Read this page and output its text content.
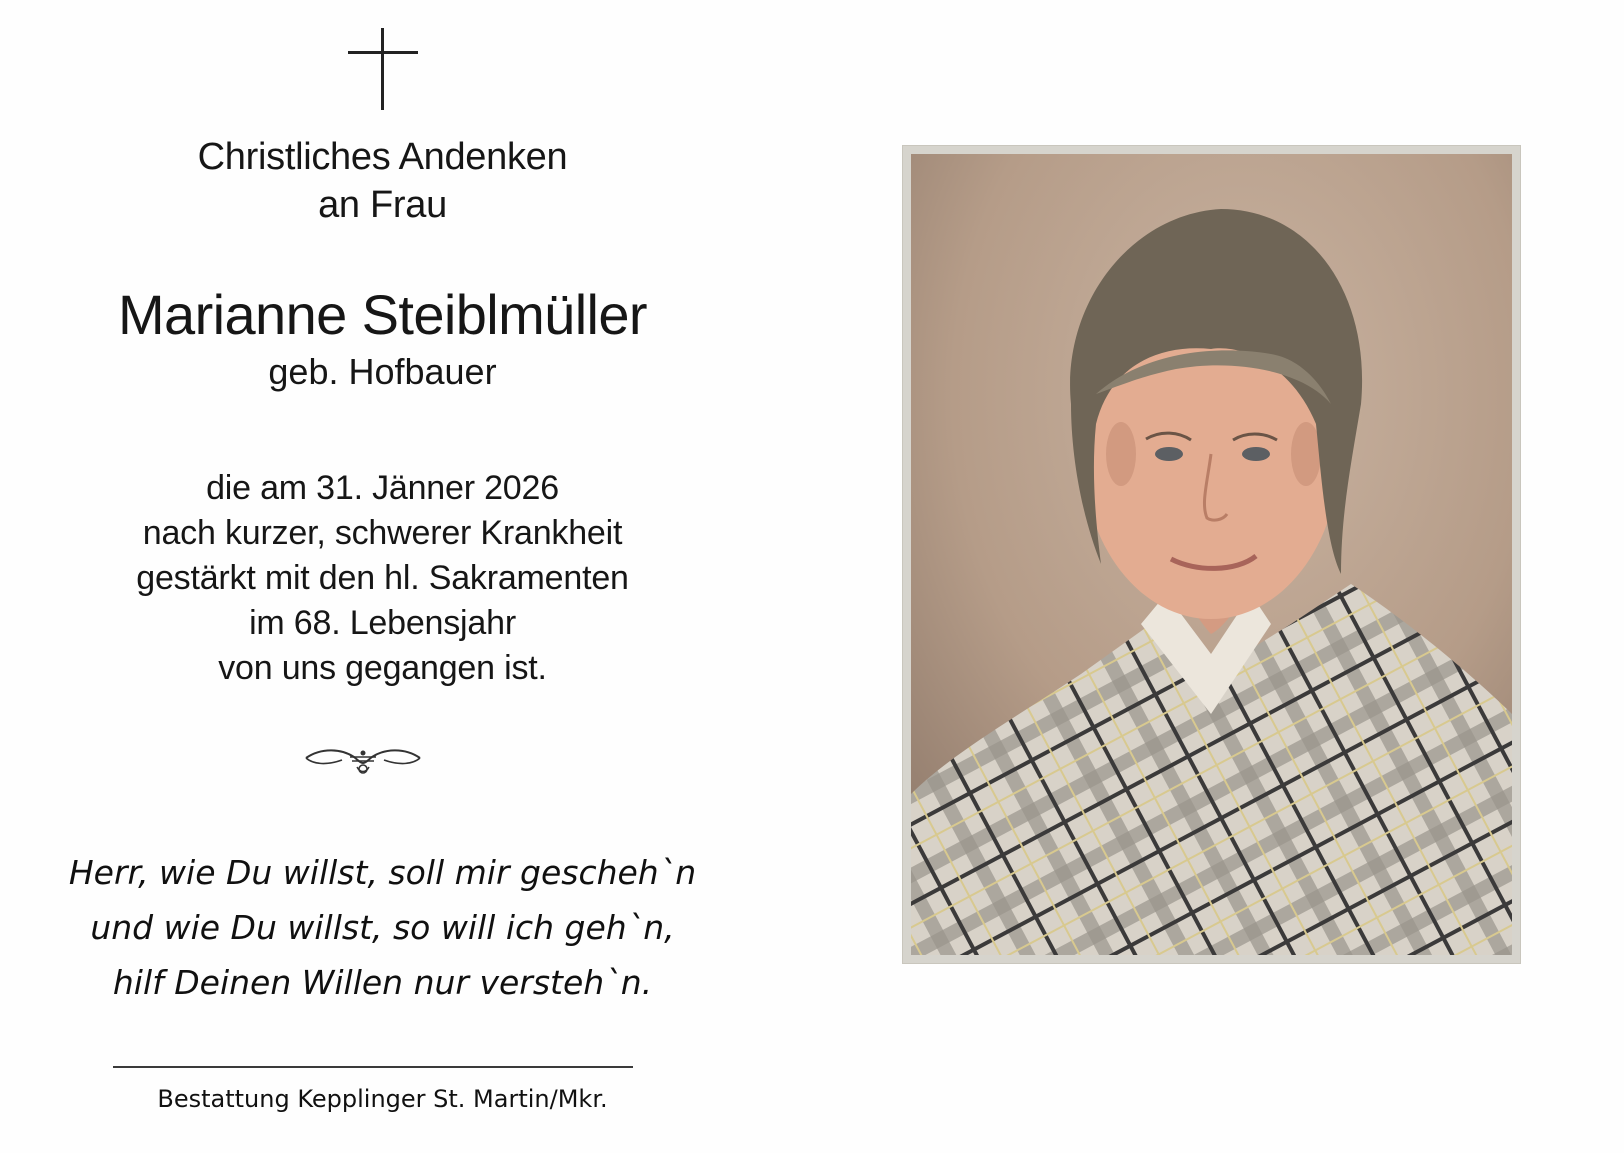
Christliches Andenken
an Frau
Marianne Steiblmüller
geb. Hofbauer
die am 31. Jänner 2026
nach kurzer, schwerer Krankheit
gestärkt mit den hl. Sakramenten
im 68. Lebensjahr
von uns gegangen ist.
Herr, wie Du willst, soll mir gescheh`n
und wie Du willst, so will ich geh`n,
hilf Deinen Willen nur versteh`n.
Bestattung Kepplinger St. Martin/Mkr.
